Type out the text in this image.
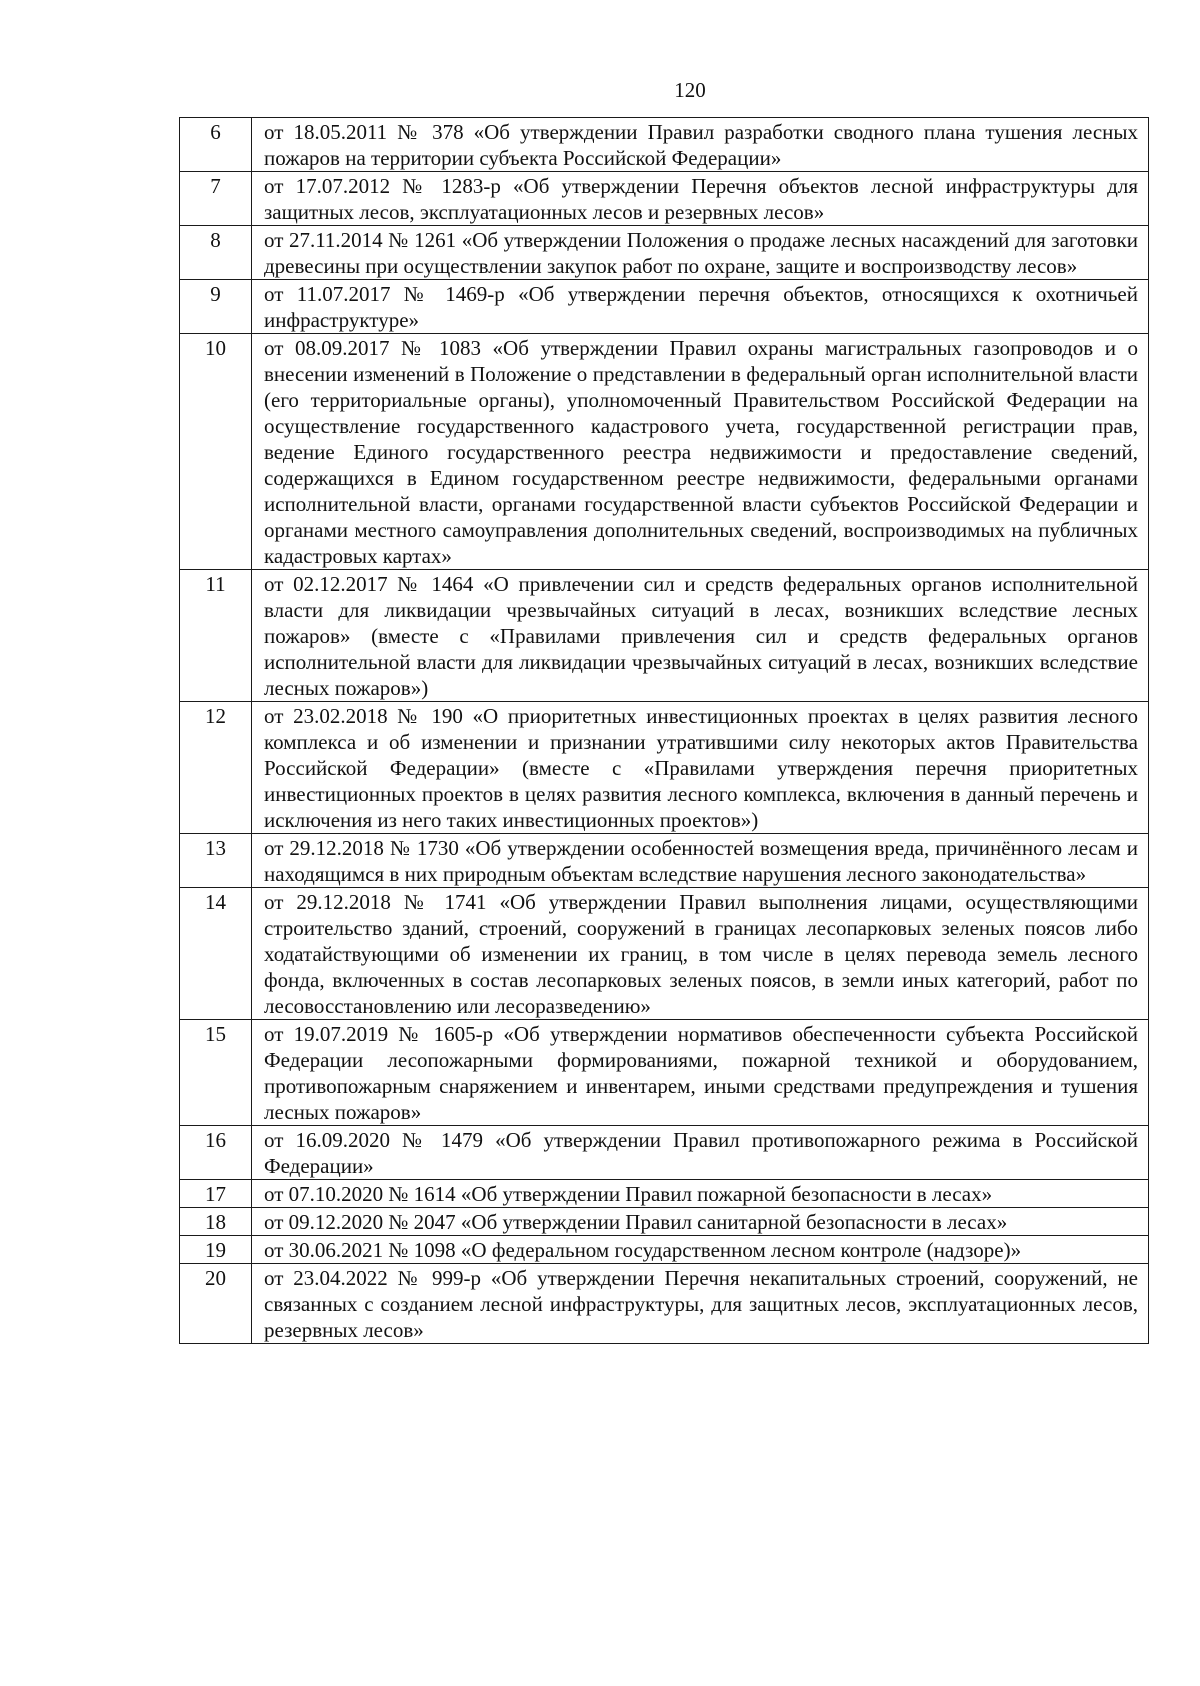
120
6	от 18.05.2011 № 378 «Об утверждении Правил разработки сводного плана тушения лесных пожаров на территории субъекта Российской Федерации»
7	от 17.07.2012 № 1283-р «Об утверждении Перечня объектов лесной инфраструктуры для защитных лесов, эксплуатационных лесов и резервных лесов»
8	от 27.11.2014 № 1261 «Об утверждении Положения о продаже лесных насаждений для заготовки древесины при осуществлении закупок работ по охране, защите и воспроизводству лесов»
9	от 11.07.2017 № 1469-р «Об утверждении перечня объектов, относящихся к охотничьей инфраструктуре»
10	от 08.09.2017 № 1083 «Об утверждении Правил охраны магистральных газопроводов и о внесении изменений в Положение о представлении в федеральный орган исполнительной власти (его территориальные органы), уполномоченный Правительством Российской Федерации на осуществление государственного кадастрового учета, государственной регистрации прав, ведение Единого государственного реестра недвижимости и предоставление сведений, содержащихся в Едином государственном реестре недвижимости, федеральными органами исполнительной власти, органами государственной власти субъектов Российской Федерации и органами местного самоуправления дополнительных сведений, воспроизводимых на публичных кадастровых картах»
11	от 02.12.2017 № 1464 «О привлечении сил и средств федеральных органов исполнительной власти для ликвидации чрезвычайных ситуаций в лесах, возникших вследствие лесных пожаров» (вместе с «Правилами привлечения сил и средств федеральных органов исполнительной власти для ликвидации чрезвычайных ситуаций в лесах, возникших вследствие лесных пожаров»)
12	от 23.02.2018 № 190 «О приоритетных инвестиционных проектах в целях развития лесного комплекса и об изменении и признании утратившими силу некоторых актов Правительства Российской Федерации» (вместе с «Правилами утверждения перечня приоритетных инвестиционных проектов в целях развития лесного комплекса, включения в данный перечень и исключения из него таких инвестиционных проектов»)
13	от 29.12.2018 № 1730 «Об утверждении особенностей возмещения вреда, причинённого лесам и находящимся в них природным объектам вследствие нарушения лесного законодательства»
14	от 29.12.2018 № 1741 «Об утверждении Правил выполнения лицами, осуществляющими строительство зданий, строений, сооружений в границах лесопарковых зеленых поясов либо ходатайствующими об изменении их границ, в том числе в целях перевода земель лесного фонда, включенных в состав лесопарковых зеленых поясов, в земли иных категорий, работ по лесовосстановлению или лесоразведению»
15	от 19.07.2019 № 1605-р «Об утверждении нормативов обеспеченности субъекта Российской Федерации лесопожарными формированиями, пожарной техникой и оборудованием, противопожарным снаряжением и инвентарем, иными средствами предупреждения и тушения лесных пожаров»
16	от 16.09.2020 № 1479 «Об утверждении Правил противопожарного режима в Российской Федерации»
17	от 07.10.2020 № 1614 «Об утверждении Правил пожарной безопасности в лесах»
18	от 09.12.2020 № 2047 «Об утверждении Правил санитарной безопасности в лесах»
19	от 30.06.2021 № 1098 «О федеральном государственном лесном контроле (надзоре)»
20	от 23.04.2022 № 999-р «Об утверждении Перечня некапитальных строений, сооружений, не связанных с созданием лесной инфраструктуры, для защитных лесов, эксплуатационных лесов, резервных лесов»
